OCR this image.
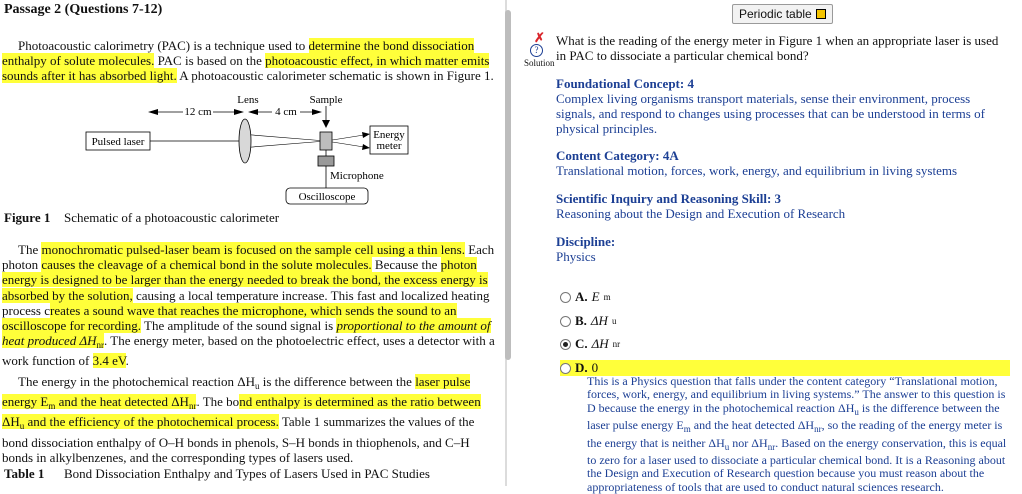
Passage 2 (Questions 7-12)
Photoacoustic calorimetry (PAC) is a technique used to determine the bond dissociation enthalpy of solute molecules. PAC is based on the photoacoustic effect, in which matter emits sounds after it has absorbed light. A photoacoustic calorimeter schematic is shown in Figure 1.
Lens	Sample
12 cm	4 cm
Pulsed laser
Energy meter
Microphone
Oscilloscope
Figure 1 Schematic of a photoacoustic calorimeter
The monochromatic pulsed-laser beam is focused on the sample cell using a thin lens. Each photon causes the cleavage of a chemical bond in the solute molecules. Because the photon energy is designed to be larger than the energy needed to break the bond, the excess energy is absorbed by the solution, causing a local temperature increase. This fast and localized heating process creates a sound wave that reaches the microphone, which sends the sound to an oscilloscope for recording. The amplitude of the sound signal is proportional to the amount of heat produced $\Delta H_{nr}$. The energy meter, based on the photoelectric effect, uses a detector with a work function of 3.4 eV.
The energy in the photochemical reaction $\Delta H_u$ is the difference between the laser pulse energy $E_m$ and the heat detected $\Delta H_{nr}$. The bond enthalpy is determined as the ratio between $\Delta H_u$ and the efficiency of the photochemical process. Table 1 summarizes the values of the bond dissociation enthalpy of O–H bonds in phenols, S–H bonds in thiophenols, and C–H bonds in alkylbenzenes, and the corresponding types of lasers used.
Table 1 Bond Dissociation Enthalpy and Types of Lasers Used in PAC Studies
Periodic table
✗
?
Solution
What is the reading of the energy meter in Figure 1 when an appropriate laser is used in PAC to dissociate a particular chemical bond?
Foundational Concept: 4
Complex living organisms transport materials, sense their environment, process signals, and respond to changes using processes that can be understood in terms of physical principles.
Content Category: 4A
Translational motion, forces, work, energy, and equilibrium in living systems
Scientific Inquiry and Reasoning Skill: 3
Reasoning about the Design and Execution of Research
Discipline:
Physics
A. E m
B. ΔH u
C. ΔH nr
D. 0
This is a Physics question that falls under the content category “Translational motion, forces, work, energy, and equilibrium in living systems.” The answer to this question is D because the energy in the photochemical reaction $\Delta H_u$ is the difference between the laser pulse energy $E_m$ and the heat detected $\Delta H_{nr}$, so the reading of the energy meter is the energy that is neither $\Delta H_u$ nor $\Delta H_{nr}$. Based on the energy conservation, this is equal to zero for a laser used to dissociate a particular chemical bond. It is a Reasoning about the Design and Execution of Research question because you must reason about the appropriateness of tools that are used to conduct natural sciences research.
